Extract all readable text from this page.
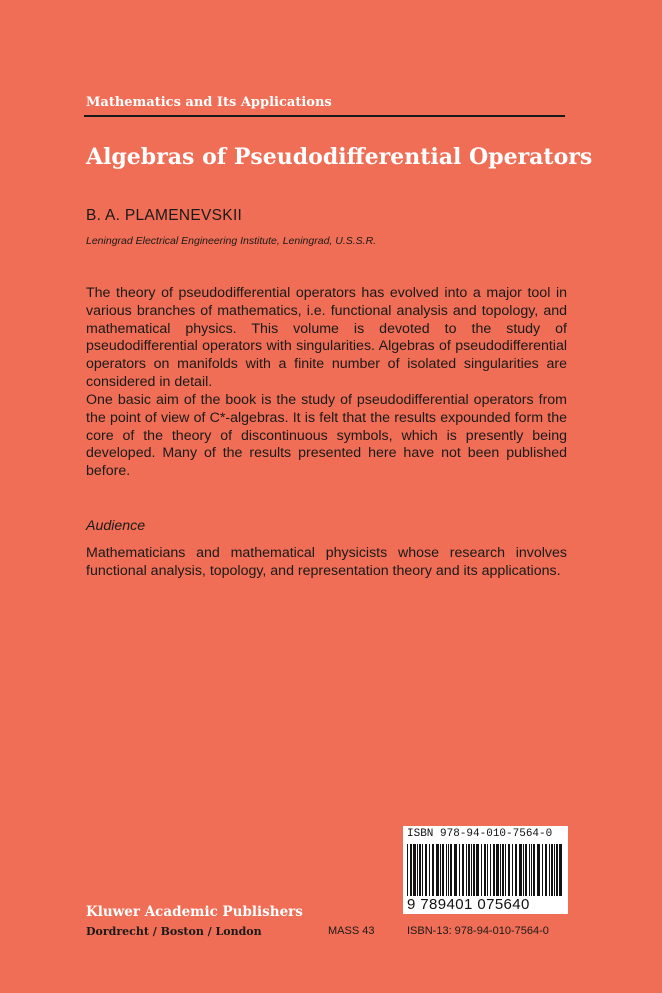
Mathematics and Its Applications
Algebras of Pseudodifferential Operators
B. A. PLAMENEVSKII
Leningrad Electrical Engineering Institute, Leningrad, U.S.S.R.
The theory of pseudodifferential operators has evolved into a major tool in various branches of mathematics, i.e. functional analysis and topology, and mathematical physics. This volume is devoted to the study of pseudodifferential operators with singularities. Algebras of pseudodifferential operators on manifolds with a finite number of isolated singularities are considered in detail.
One basic aim of the book is the study of pseudodifferential operators from the point of view of C*-algebras. It is felt that the results expounded form the core of the theory of discontinuous symbols, which is presently being developed. Many of the results presented here have not been published before.
Audience
Mathematicians and mathematical physicists whose research involves functional analysis, topology, and representation theory and its applications.
ISBN 978-94-010-7564-0
9 789401 075640
Kluwer Academic Publishers
Dordrecht / Boston / London	MASS 43	ISBN-13: 978-94-010-7564-0
